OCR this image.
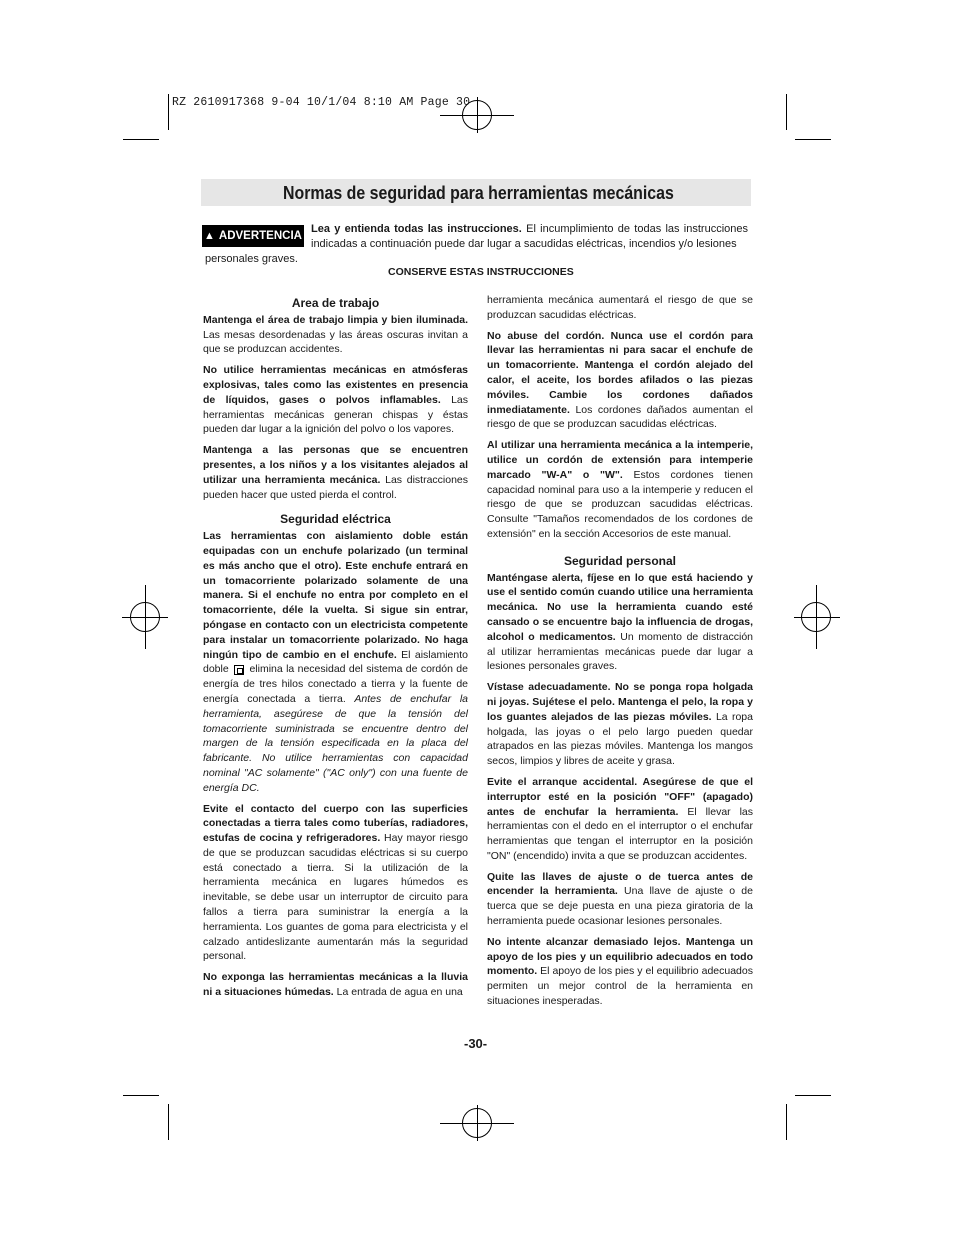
RZ 2610917368 9-04 10/1/04 8:10 AM Page 30
Normas de seguridad para herramientas mecánicas
▲ ADVERTENCIA
Lea y entienda todas las instrucciones. El incumplimiento de todas las instrucciones indicadas a continuación puede dar lugar a sacudidas eléctricas, incendios y/o lesiones
personales graves.
CONSERVE ESTAS INSTRUCCIONES
Area de trabajo

Mantenga el área de trabajo limpia y bien iluminada. Las mesas desordenadas y las áreas oscuras invitan a que se produzcan accidentes.

No utilice herramientas mecánicas en atmósferas explosivas, tales como las existentes en presencia de líquidos, gases o polvos inflamables. Las herramientas mecánicas generan chispas y éstas pueden dar lugar a la ignición del polvo o los vapores.

Mantenga a las personas que se encuentren presentes, a los niños y a los visitantes alejados al utilizar una herramienta mecánica. Las distracciones pueden hacer que usted pierda el control.

Seguridad eléctrica

Las herramientas con aislamiento doble están equipadas con un enchufe polarizado (un terminal es más ancho que el otro). Este enchufe entrará en un tomacorriente polarizado solamente de una manera. Si el enchufe no entra por completo en el tomacorriente, déle la vuelta. Si sigue sin entrar, póngase en contacto con un electricista competente para instalar un tomacorriente polarizado. No haga ningún tipo de cambio en el enchufe. El aislamiento doble elimina la necesidad del sistema de cordón de energía de tres hilos conectado a tierra y la fuente de energía conectada a tierra. Antes de enchufar la herramienta, asegúrese de que la tensión del tomacorriente suministrada se encuentre dentro del margen de la tensión especificada en la placa del fabricante. No utilice herramientas con capacidad nominal "AC solamente" ("AC only") con una fuente de energía DC.

Evite el contacto del cuerpo con las superficies conectadas a tierra tales como tuberías, radiadores, estufas de cocina y refrigeradores. Hay mayor riesgo de que se produzcan sacudidas eléctricas si su cuerpo está conectado a tierra. Si la utilización de la herramienta mecánica en lugares húmedos es inevitable, se debe usar un interruptor de circuito para fallos a tierra para suministrar la energía a la herramienta. Los guantes de goma para electricista y el calzado antideslizante aumentarán más la seguridad personal.

No exponga las herramientas mecánicas a la lluvia ni a situaciones húmedas. La entrada de agua en una

herramienta mecánica aumentará el riesgo de que se produzcan sacudidas eléctricas.

No abuse del cordón. Nunca use el cordón para llevar las herramientas ni para sacar el enchufe de un tomacorriente. Mantenga el cordón alejado del calor, el aceite, los bordes afilados o las piezas móviles. Cambie los cordones dañados inmediatamente. Los cordones dañados aumentan el riesgo de que se produzcan sacudidas eléctricas.

Al utilizar una herramienta mecánica a la intemperie, utilice un cordón de extensión para intemperie marcado "W-A" o "W". Estos cordones tienen capacidad nominal para uso a la intemperie y reducen el riesgo de que se produzcan sacudidas eléctricas. Consulte "Tamaños recomendados de los cordones de extensión" en la sección Accesorios de este manual.

Seguridad personal

Manténgase alerta, fíjese en lo que está haciendo y use el sentido común cuando utilice una herramienta mecánica. No use la herramienta cuando esté cansado o se encuentre bajo la influencia de drogas, alcohol o medicamentos. Un momento de distracción al utilizar herramientas mecánicas puede dar lugar a lesiones personales graves.

Vístase adecuadamente. No se ponga ropa holgada ni joyas. Sujétese el pelo. Mantenga el pelo, la ropa y los guantes alejados de las piezas móviles. La ropa holgada, las joyas o el pelo largo pueden quedar atrapados en las piezas móviles. Mantenga los mangos secos, limpios y libres de aceite y grasa.

Evite el arranque accidental. Asegúrese de que el interruptor esté en la posición "OFF" (apagado) antes de enchufar la herramienta. El llevar las herramientas con el dedo en el interruptor o el enchufar herramientas que tengan el interruptor en la posición "ON" (encendido) invita a que se produzcan accidentes.

Quite las llaves de ajuste o de tuerca antes de encender la herramienta. Una llave de ajuste o de tuerca que se deje puesta en una pieza giratoria de la herramienta puede ocasionar lesiones personales.

No intente alcanzar demasiado lejos. Mantenga un apoyo de los pies y un equilibrio adecuados en todo momento. El apoyo de los pies y el equilibrio adecuados permiten un mejor control de la herramienta en situaciones inesperadas.

-30-
